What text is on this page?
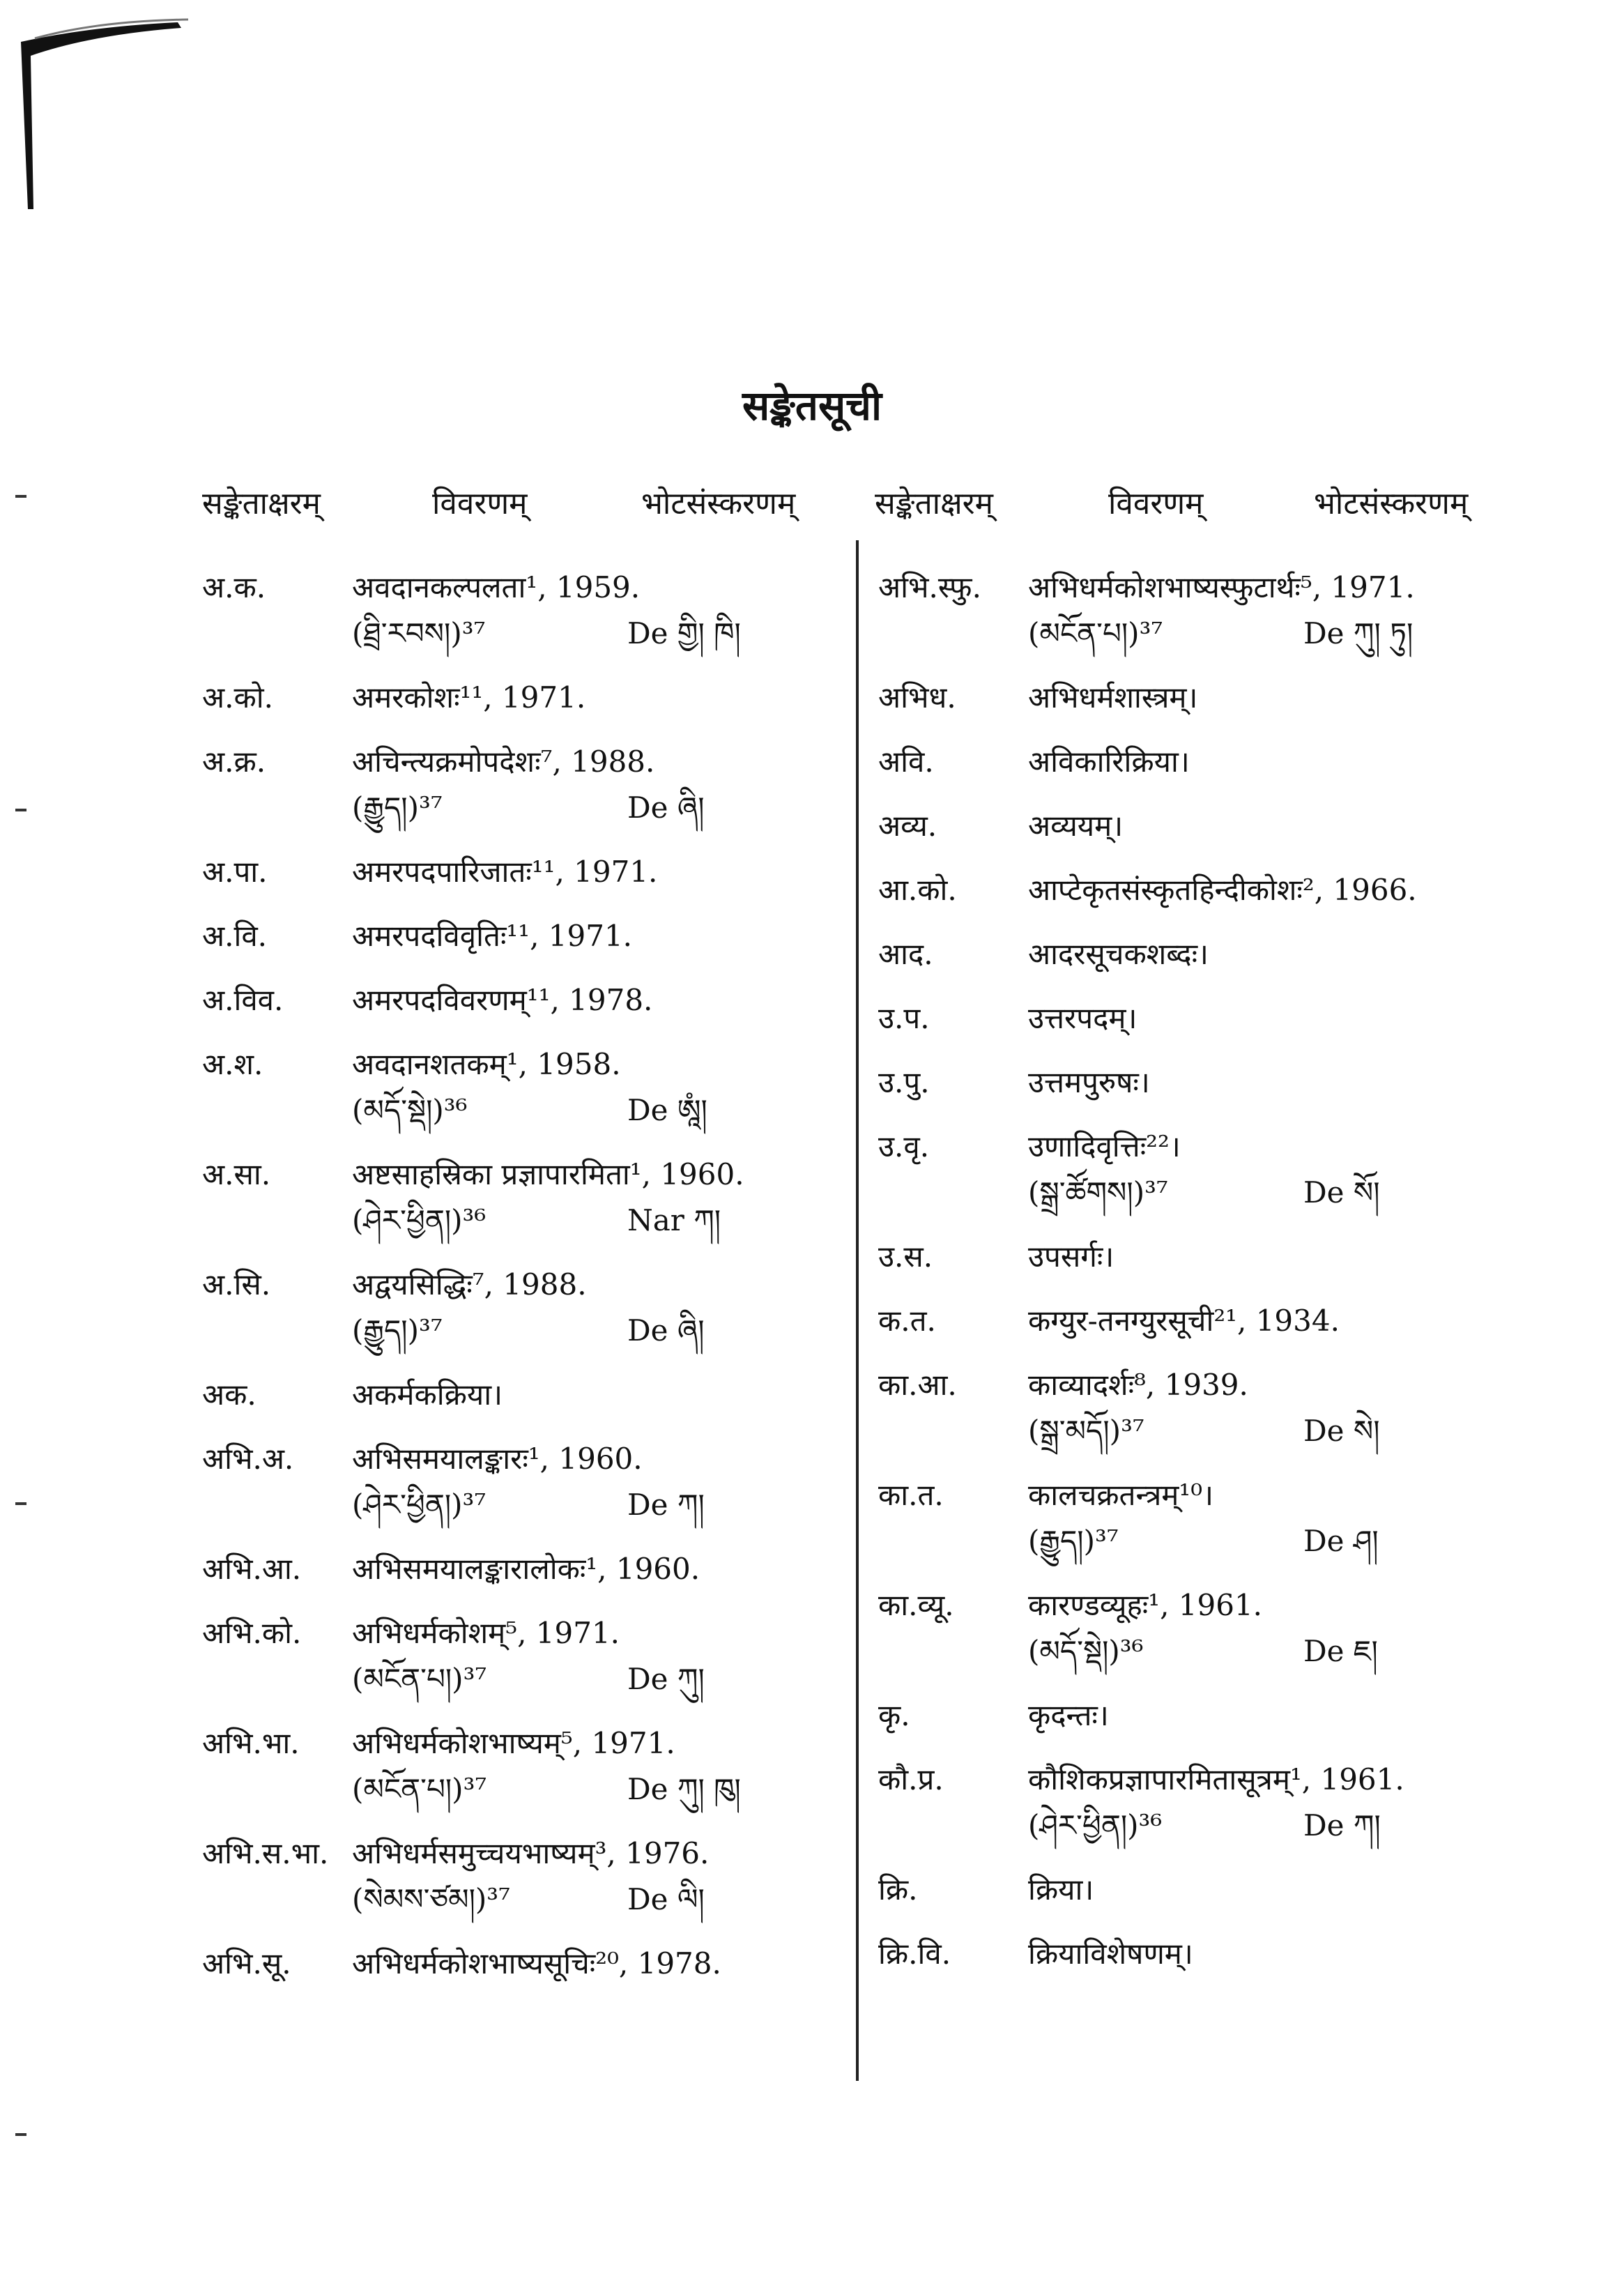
सङ्केतसूची
सङ्केताक्षरम्	विवरणम्	भोटसंस्करणम्	सङ्केताक्षरम्	विवरणम्	भोटसंस्करणम्
अ.क.	अवदानकल्पलता¹, 1959.
(ཐྲི་རབས།)³⁷	De གྱི། ཁི།
अ.को.	अमरकोशः¹¹, 1971.
अ.क्र.	अचिन्त्यक्रमोपदेशः⁷, 1988.
(རྒྱུད།)³⁷	De ཞི།
अ.पा.	अमरपदपारिजातः¹¹, 1971.
अ.वि.	अमरपदविवृतिः¹¹, 1971.
अ.विव.	अमरपदविवरणम्¹¹, 1978.
अ.श.	अवदानशतकम्¹, 1958.
(མདོ་སྡེ།)³⁶	De ཨཱཾ།
अ.सा.	अष्टसाहस्रिका प्रज्ञापारमिता¹, 1960.
(ཤེར་ཕྱིན།)³⁶	Nar ཀ།
अ.सि.	अद्वयसिद्धिः⁷, 1988.
(རྒྱུད།)³⁷	De ཞི།
अक.	अकर्मकक्रिया।
अभि.अ.	अभिसमयालङ्कारः¹, 1960.
(ཤེར་ཕྱིན།)³⁷	De ཀ།
अभि.आ.	अभिसमयालङ्कारालोकः¹, 1960.
अभि.को.	अभिधर्मकोशम्⁵, 1971.
(མངོན་པ།)³⁷	De ཀུ།
अभि.भा.	अभिधर्मकोशभाष्यम्⁵, 1971.
(མངོན་པ།)³⁷	De ཀུ། ཁུ།
अभि.स.भा. अभिधर्मसमुच्चयभाष्यम्³, 1976.
(སེམས་ཙམ།)³⁷	De ལི།
अभि.सू.	अभिधर्मकोशभाष्यसूचिः²⁰, 1978.
अभि.स्फु.	अभिधर्मकोशभाष्यस्फुटार्थः⁵, 1971.
(མངོན་པ།)³⁷	De ཀུ། ཏུ།
अभिध.	अभिधर्मशास्त्रम्।
अवि.	अविकारिक्रिया।
अव्य.	अव्ययम्।
आ.को.	आप्टेकृतसंस्कृतहिन्दीकोशः², 1966.
आद.	आदरसूचकशब्दः।
उ.प.	उत्तरपदम्।
उ.पु.	उत्तमपुरुषः।
उ.वृ.	उणादिवृत्तिः²²।
(སྒྲ་ཚོགས།)³⁷	De སོ།
उ.स.	उपसर्गः।
क.त.	कग्युर-तनग्युरसूची²¹, 1934.
का.आ.	काव्यादर्शः⁸, 1939.
(སྒྲ་མདོ།)³⁷	De སེ།
का.त.	कालचक्रतन्त्रम्¹⁰।
(རྒྱུད།)³⁷	De ཤ།
का.व्यू.	कारण्डव्यूहः¹, 1961.
(མདོ་སྡེ།)³⁶	De ཇ།
कृ.	कृदन्तः।
कौ.प्र.	कौशिकप्रज्ञापारमितासूत्रम्¹, 1961.
(ཤེར་ཕྱིན།)³⁶	De ཀ།
क्रि.	क्रिया।
क्रि.वि.	क्रियाविशेषणम्।
